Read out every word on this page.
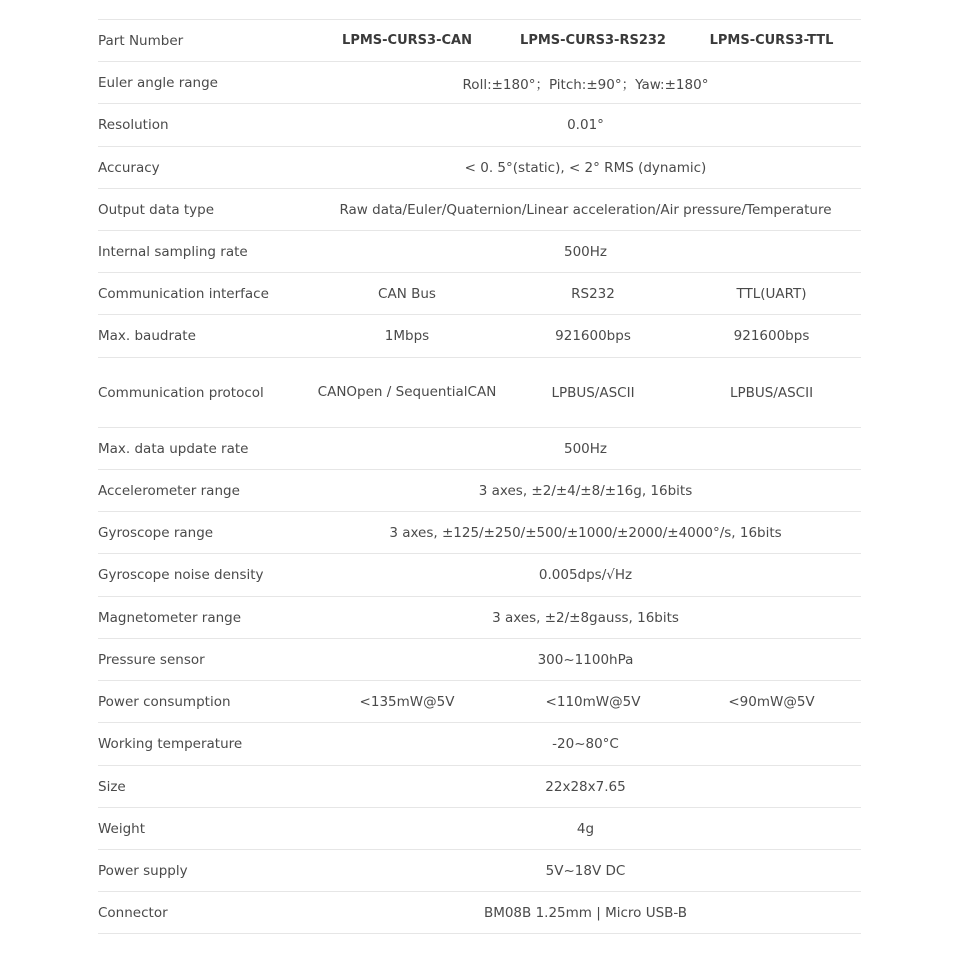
Part Number	LPMS-CURS3-CAN	LPMS-CURS3-RS232	LPMS-CURS3-TTL
Euler angle range	Roll:±180°；Pitch:±90°；Yaw:±180°		
Resolution	0.01°		
Accuracy	< 0. 5°(static), < 2° RMS (dynamic)		
Output data type	Raw data/Euler/Quaternion/Linear acceleration/Air pressure/Temperature		
Internal sampling rate	500Hz		
Communication interface	CAN Bus	RS232	TTL(UART)
Max. baudrate	1Mbps	921600bps	921600bps
Communication protocol	CANOpen / SequentialCAN	LPBUS/ASCII	LPBUS/ASCII
Max. data update rate	500Hz		
Accelerometer range	3 axes, ±2/±4/±8/±16g, 16bits		
Gyroscope range	3 axes, ±125/±250/±500/±1000/±2000/±4000°/s, 16bits		
Gyroscope noise density	0.005dps/√Hz		
Magnetometer range	3 axes, ±2/±8gauss, 16bits		
Pressure sensor	300~1100hPa		
Power consumption	<135mW@5V	<110mW@5V	<90mW@5V
Working temperature	-20~80°C		
Size	22x28x7.65		
Weight	4g		
Power supply	5V~18V DC		
Connector	BM08B 1.25mm | Micro USB-B		
